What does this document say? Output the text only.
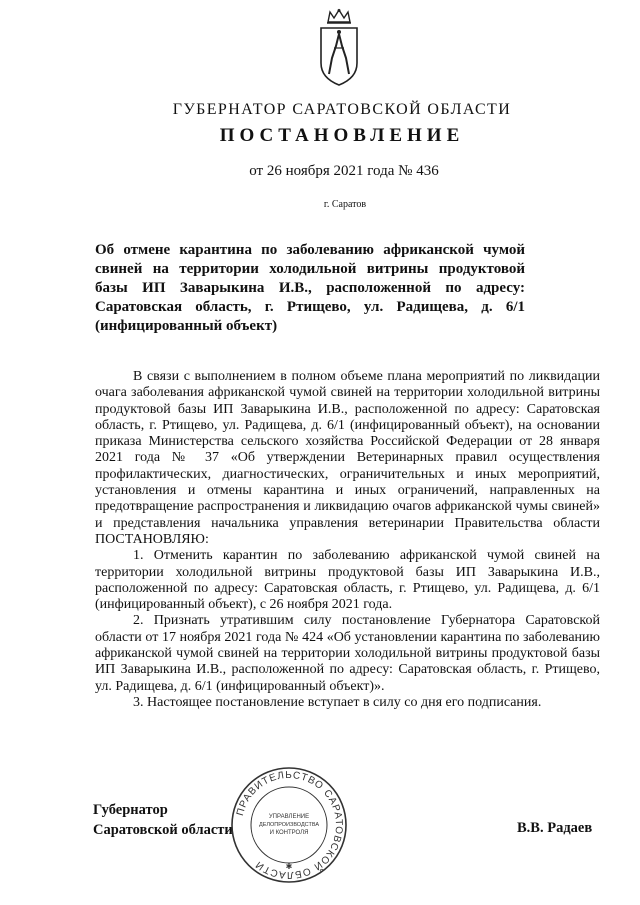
ГУБЕРНАТОР САРАТОВСКОЙ ОБЛАСТИ
ПОСТАНОВЛЕНИЕ
от 26 ноября 2021 года № 436
г. Саратов
Об отмене карантина по заболеванию африканской чумой свиней на территории холодильной витрины продуктовой базы ИП Заварыкина И.В., расположенной по адресу: Саратовская область, г. Ртищево, ул. Радищева, д. 6/1 (инфицированный объект)

В связи с выполнением в полном объеме плана мероприятий по ликвидации очага заболевания африканской чумой свиней на территории холодильной витрины продуктовой базы ИП Заварыкина И.В., расположенной по адресу: Саратовская область, г. Ртищево, ул. Радищева, д. 6/1 (инфицированный объект), на основании приказа Министерства сельского хозяйства Российской Федерации от 28 января 2021 года № 37 «Об утверждении Ветеринарных правил осуществления профилактических, диагностических, ограничительных и иных мероприятий, установления и отмены карантина и иных ограничений, направленных на предотвращение распространения и ликвидацию очагов африканской чумы свиней» и представления начальника управления ветеринарии Правительства области ПОСТАНОВЛЯЮ:

1. Отменить карантин по заболеванию африканской чумой свиней на территории холодильной витрины продуктовой базы ИП Заварыкина И.В., расположенной по адресу: Саратовская область, г. Ртищево, ул. Радищева, д. 6/1 (инфицированный объект), с 26 ноября 2021 года.

2. Признать утратившим силу постановление Губернатора Саратовской области от 17 ноября 2021 года № 424 «Об установлении карантина по заболеванию африканской чумой свиней на территории холодильной витрины продуктовой базы ИП Заварыкина И.В., расположенной по адресу: Саратовская область, г. Ртищево, ул. Радищева, д. 6/1 (инфицированный объект)».

3. Настоящее постановление вступает в силу со дня его подписания.

Губернатор
Саратовской области	В.В. Радаев
ПРАВИТЕЛЬСТВО САРАТОВСКОЙ ОБЛАСТИ
УПРАВЛЕНИЕ
ДЕЛОПРОИЗВОДСТВА
И КОНТРОЛЯ
✱
